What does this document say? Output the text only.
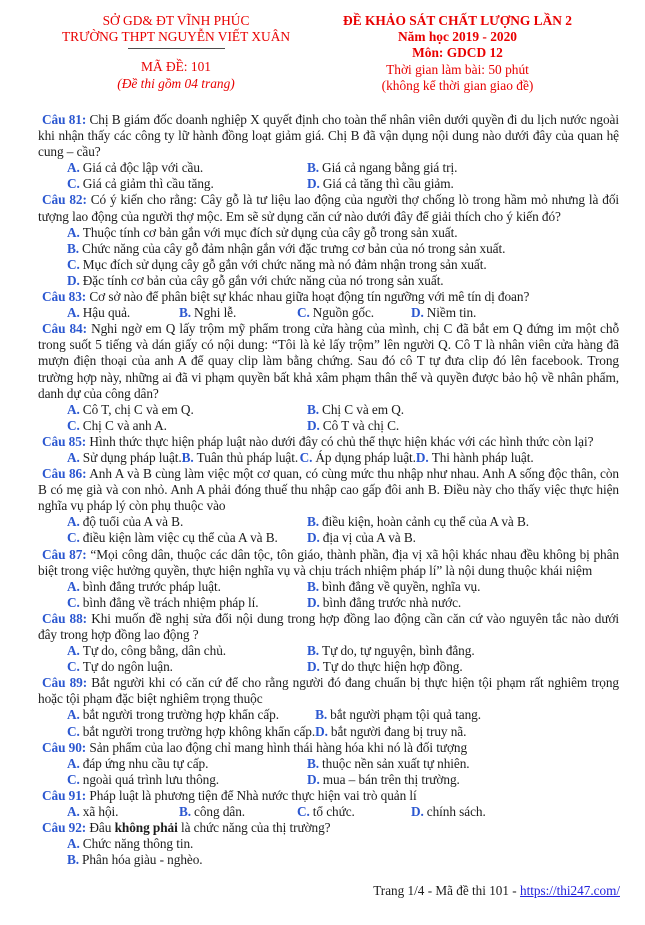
SỞ GD& ĐT VĨNH PHÚC
TRƯỜNG THPT NGUYỄN VIẾT XUÂN
MÃ ĐỀ: 101
(Đề thi gồm 04 trang)
ĐỀ KHẢO SÁT CHẤT LƯỢNG LẦN 2
Năm học 2019 - 2020
Môn: GDCD 12
Thời gian làm bài: 50 phút
(không kể thời gian giao đề)

Câu 81: Chị B giám đốc doanh nghiệp X quyết định cho toàn thể nhân viên dưới quyền đi du lịch nước ngoài khi nhận thấy các công ty lữ hành đồng loạt giảm giá. Chị B đã vận dụng nội dung nào dưới đây của quan hệ cung – cầu?

A. Giá cả độc lập với cầu.	B. Giá cả ngang bằng giá trị.
C. Giá cả giảm thì cầu tăng.	D. Giá cả tăng thì cầu giảm.

Câu 82: Có ý kiến cho rằng: Cây gỗ là tư liệu lao động của người thợ chống lò trong hầm mỏ nhưng là đối tượng lao động của người thợ mộc. Em sẽ sử dụng căn cứ nào dưới đây để giải thích cho ý kiến đó?

A. Thuộc tính cơ bản gắn với mục đích sử dụng của cây gỗ trong sản xuất.
B. Chức năng của cây gỗ đảm nhận gắn với đặc trưng cơ bản của nó trong sản xuất.
C. Mục đích sử dụng cây gỗ gắn với chức năng mà nó đảm nhận trong sản xuất.
D. Đặc tính cơ bản của cây gỗ gắn với chức năng của nó trong sản xuất.

Câu 83: Cơ sở nào để phân biệt sự khác nhau giữa hoạt động tín ngưỡng với mê tín dị đoan?

A. Hậu quả.	B. Nghi lễ.	C. Nguồn gốc.	D. Niềm tin.

Câu 84: Nghi ngờ em Q lấy trộm mỹ phẩm trong cửa hàng của mình, chị C đã bắt em Q đứng im một chỗ trong suốt 5 tiếng và dán giấy có nội dung: “Tôi là kẻ lấy trộm” lên người Q. Cô T là nhân viên cửa hàng đã mượn điện thoại của anh A để quay clip làm bằng chứng. Sau đó cô T tự đưa clip đó lên facebook. Trong trường hợp này, những ai đã vi phạm quyền bất khả xâm phạm thân thể và quyền được bảo hộ về nhân phẩm, danh dự của công dân?

A. Cô T, chị C và em Q.	B. Chị C và em Q.
C. Chị C và anh A.	D. Cô T và chị C.

Câu 85: Hình thức thực hiện pháp luật nào dưới đây có chủ thể thực hiện khác với các hình thức còn lại?

A. Sử dụng pháp luật. B. Tuân thủ pháp luật. C. Áp dụng pháp luật. D. Thi hành pháp luật.

Câu 86: Anh A và B cùng làm việc một cơ quan, có cùng mức thu nhập như nhau. Anh A sống độc thân, còn B có mẹ già và con nhỏ. Anh A phải đóng thuế thu nhập cao gấp đôi anh B. Điều này cho thấy việc thực hiện nghĩa vụ pháp lý còn phụ thuộc vào

A. độ tuổi của A và B.	B. điều kiện, hoàn cảnh cụ thể của A và B.
C. điều kiện làm việc cụ thể của A và B.	D. địa vị của A và B.

Câu 87: “Mọi công dân, thuộc các dân tộc, tôn giáo, thành phần, địa vị xã hội khác nhau đều không bị phân biệt trong việc hưởng quyền, thực hiện nghĩa vụ và chịu trách nhiệm pháp lí” là nội dung thuộc khái niệm

A. bình đẳng trước pháp luật.	B. bình đẳng về quyền, nghĩa vụ.
C. bình đẳng về trách nhiệm pháp lí.	D. bình đẳng trước nhà nước.

Câu 88: Khi muốn đề nghị sửa đổi nội dung trong hợp đồng lao động cần căn cứ vào nguyên tắc nào dưới đây trong hợp đồng lao động ?

A. Tự do, công bằng, dân chủ.	B. Tự do, tự nguyện, bình đẳng.
C. Tự do ngôn luận.	D. Tự do thực hiện hợp đồng.

Câu 89: Bắt người khi có căn cứ để cho rằng người đó đang chuẩn bị thực hiện tội phạm rất nghiêm trọng hoặc tội phạm đặc biệt nghiêm trọng thuộc

A. bắt người trong trường hợp khẩn cấp.	B. bắt người phạm tội quả tang.
C. bắt người trong trường hợp không khẩn cấp. D. bắt người đang bị truy nã.

Câu 90: Sản phẩm của lao động chỉ mang hình thái hàng hóa khi nó là đối tượng

A. đáp ứng nhu cầu tự cấp.	B. thuộc nền sản xuất tự nhiên.
C. ngoài quá trình lưu thông.	D. mua – bán trên thị trường.

Câu 91: Pháp luật là phương tiện để Nhà nước thực hiện vai trò quản lí

A. xã hội.	B. công dân.	C. tổ chức.	D. chính sách.

Câu 92: Đâu không phải là chức năng của thị trường?

A. Chức năng thông tin.
B. Phân hóa giàu - nghèo.
Trang 1/4 - Mã đề thi 101 - https://thi247.com/
